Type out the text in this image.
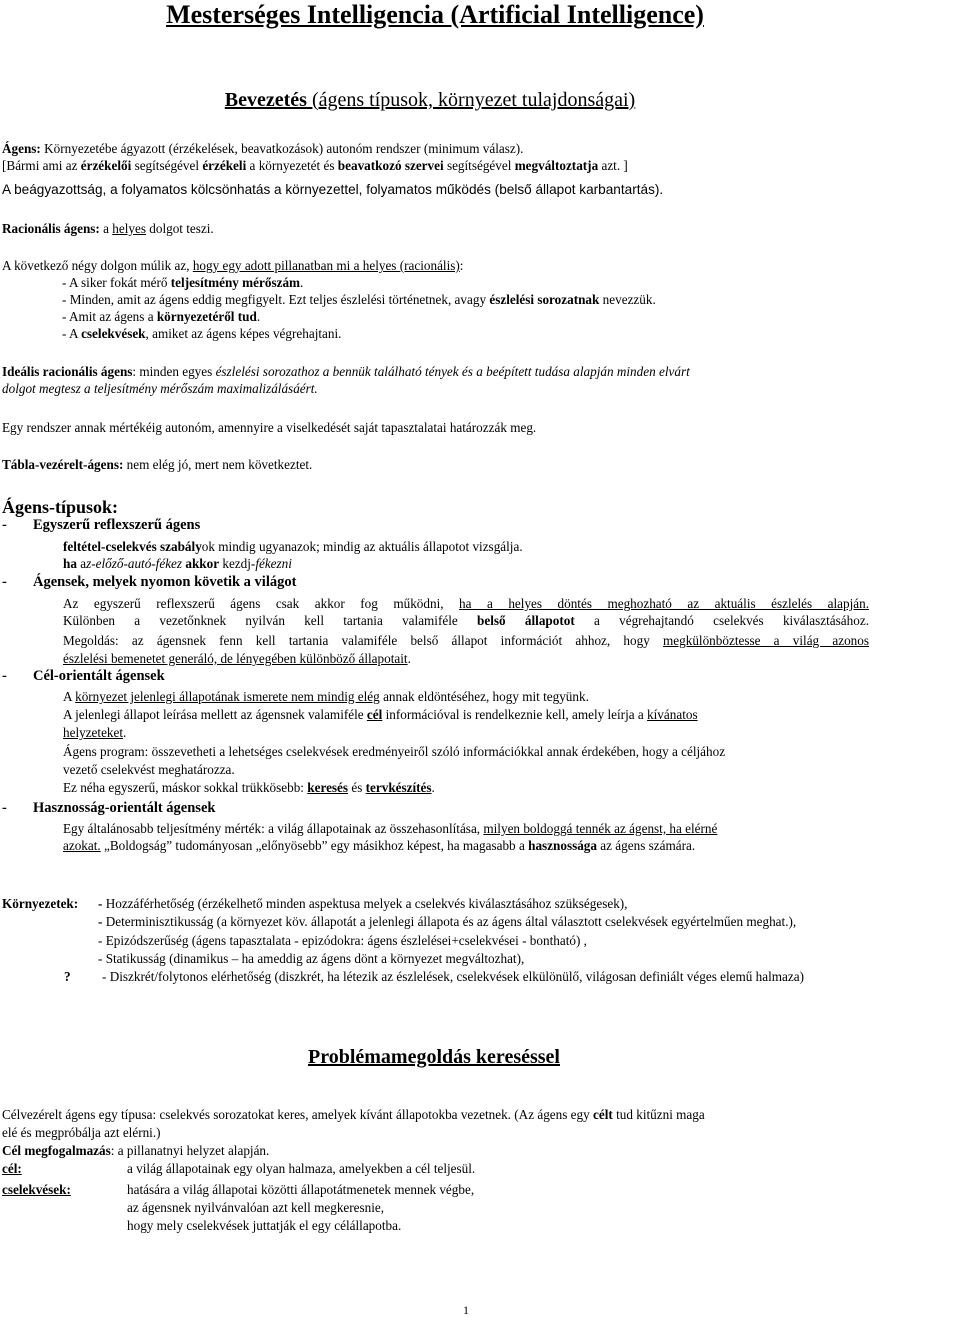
Mesterséges Intelligencia (Artificial Intelligence)
Bevezetés (ágens típusok, környezet tulajdonságai)
Ágens: Környezetébe ágyazott (érzékelések, beavatkozások) autonóm rendszer (minimum válasz).
[Bármi ami az érzékelői segítségével érzékeli a környezetét és beavatkozó szervei segítségével megváltoztatja azt. ]
A beágyazottság, a folyamatos kölcsönhatás a környezettel, folyamatos működés (belső állapot karbantartás).
Racionális ágens: a helyes dolgot teszi.
A következő négy dolgon múlik az, hogy egy adott pillanatban mi a helyes (racionális):
- A siker fokát mérő teljesítmény mérőszám.
- Minden, amit az ágens eddig megfigyelt. Ezt teljes észlelési történetnek, avagy észlelési sorozatnak nevezzük.
- Amit az ágens a környezetéről tud.
- A cselekvések, amiket az ágens képes végrehajtani.
Ideális racionális ágens: minden egyes észlelési sorozathoz a bennük található tények és a beépített tudása alapján minden elvárt
dolgot megtesz a teljesítmény mérőszám maximalizálásáért.
Egy rendszer annak mértékéig autonóm, amennyire a viselkedését saját tapasztalatai határozzák meg.
Tábla-vezérelt-ágens: nem elég jó, mert nem következtet.
Ágens-típusok:
- Egyszerű reflexszerű ágens
feltétel-cselekvés szabályok mindig ugyanazok; mindig az aktuális állapotot vizsgálja.
ha az-előző-autó-fékez akkor kezdj-fékezni
- Ágensek, melyek nyomon követik a világot
Az egyszerű reflexszerű ágens csak akkor fog működni, ha a helyes döntés meghozható az aktuális észlelés alapján.
Különben a vezetőnknek nyilván kell tartania valamiféle belső állapotot a végrehajtandó cselekvés kiválasztásához.
Megoldás: az ágensnek fenn kell tartania valamiféle belső állapot információt ahhoz, hogy megkülönböztesse a világ azonos
észlelési bemenetet generáló, de lényegében különböző állapotait.
- Cél-orientált ágensek
A környezet jelenlegi állapotának ismerete nem mindig elég annak eldöntéséhez, hogy mit tegyünk.
A jelenlegi állapot leírása mellett az ágensnek valamiféle cél információval is rendelkeznie kell, amely leírja a kívánatos
helyzeteket.
Ágens program: összevetheti a lehetséges cselekvések eredményeiről szóló információkkal annak érdekében, hogy a céljához
vezető cselekvést meghatározza.
Ez néha egyszerű, máskor sokkal trükkösebb: keresés és tervkészítés.
- Hasznosság-orientált ágensek
Egy általánosabb teljesítmény mérték: a világ állapotainak az összehasonlítása, milyen boldoggá tennék az ágenst, ha elérné
azokat. „Boldogság” tudományosan „előnyösebb” egy másikhoz képest, ha magasabb a hasznossága az ágens számára.
Környezetek: - Hozzáférhetőség (érzékelhető minden aspektusa melyek a cselekvés kiválasztásához szükségesek),
- Determinisztikusság (a környezet köv. állapotát a jelenlegi állapota és az ágens által választott cselekvések egyértelműen meghat.),
- Epizódszerűség (ágens tapasztalata - epizódokra: ágens észlelései+cselekvései - bontható) ,
- Statikusság (dinamikus – ha ameddig az ágens dönt a környezet megváltozhat),
? - Diszkrét/folytonos elérhetőség (diszkrét, ha létezik az észlelések, cselekvések elkülönülő, világosan definiált véges elemű halmaza)
Problémamegoldás kereséssel
Célvezérelt ágens egy típusa: cselekvés sorozatokat keres, amelyek kívánt állapotokba vezetnek. (Az ágens egy célt tud kitűzni maga
elé és megpróbálja azt elérni.)
Cél megfogalmazás: a pillanatnyi helyzet alapján.
cél:	a világ állapotainak egy olyan halmaza, amelyekben a cél teljesül.
cselekvések:	hatására a világ állapotai közötti állapotátmenetek mennek végbe,
az ágensnek nyilvánvalóan azt kell megkeresnie,
hogy mely cselekvések juttatják el egy célállapotba.
1
